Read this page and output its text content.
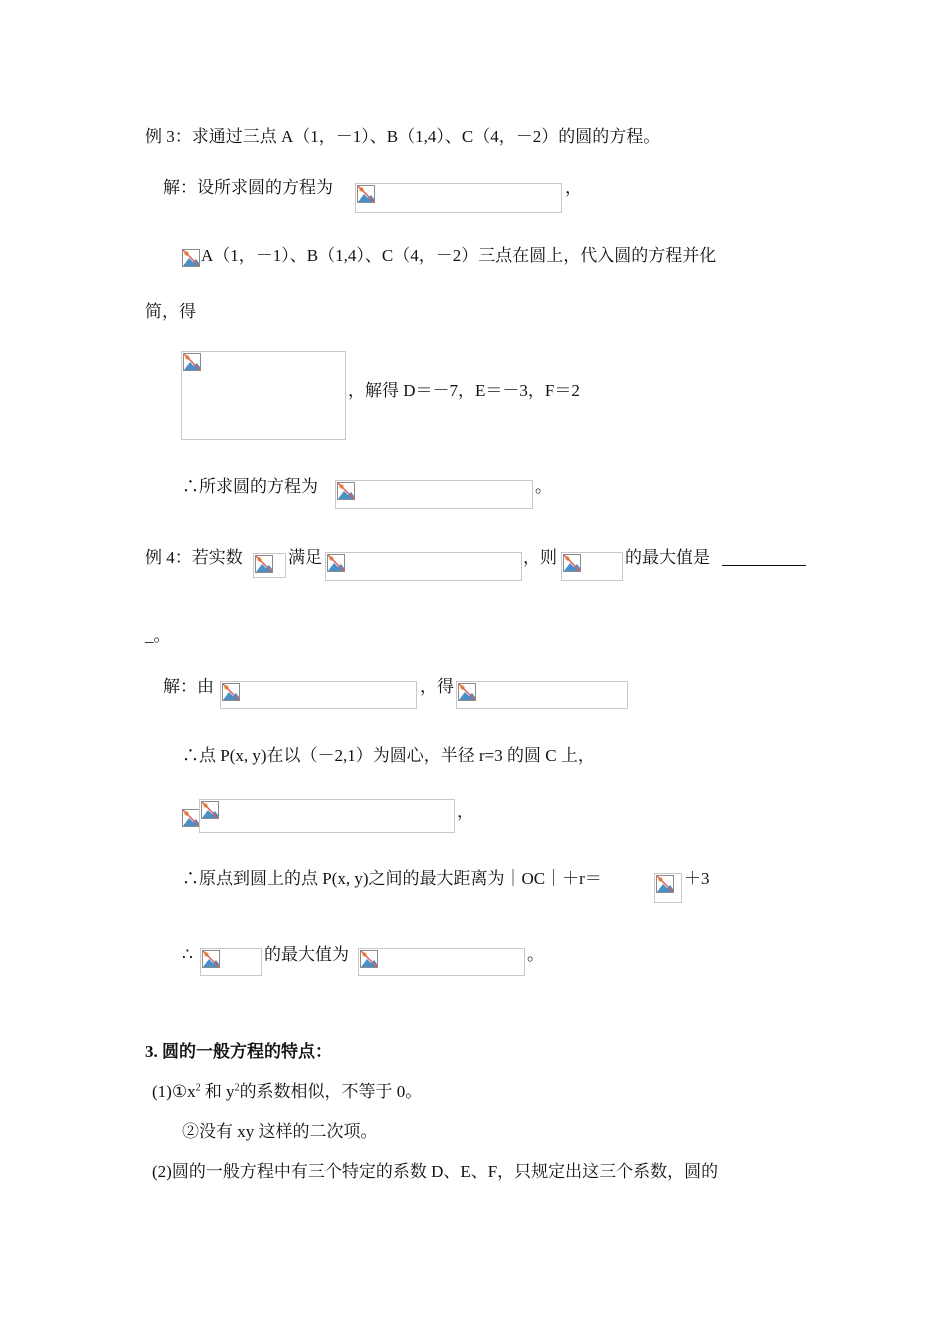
例 3：求通过三点 A（1，－1）、B（1,4）、C（4，－2）的圆的方程。
解：设所求圆的方程为	，
A（1，－1）、B（1,4）、C（4，－2）三点在圆上，代入圆的方程并化
简，得
，解得 D＝－7，E＝－3，F＝2
∴所求圆的方程为	。
例 4：若实数	满足	，则	的最大值是
_。
解：由	，得
∴点 P(x, y)在以（－2,1）为圆心，半径 r=3 的圆 C 上，
，
∴原点到圆上的点 P(x, y)之间的最大距离为｜OC｜＋r＝	＋3
∴	的最大值为	。
3. 圆的一般方程的特点：
$(1)①x^2$ 和 $y^2$的系数相似，不等于 0。
②没有 xy 这样的二次项。
(2)圆的一般方程中有三个特定的系数 D、E、F，只规定出这三个系数，圆的
